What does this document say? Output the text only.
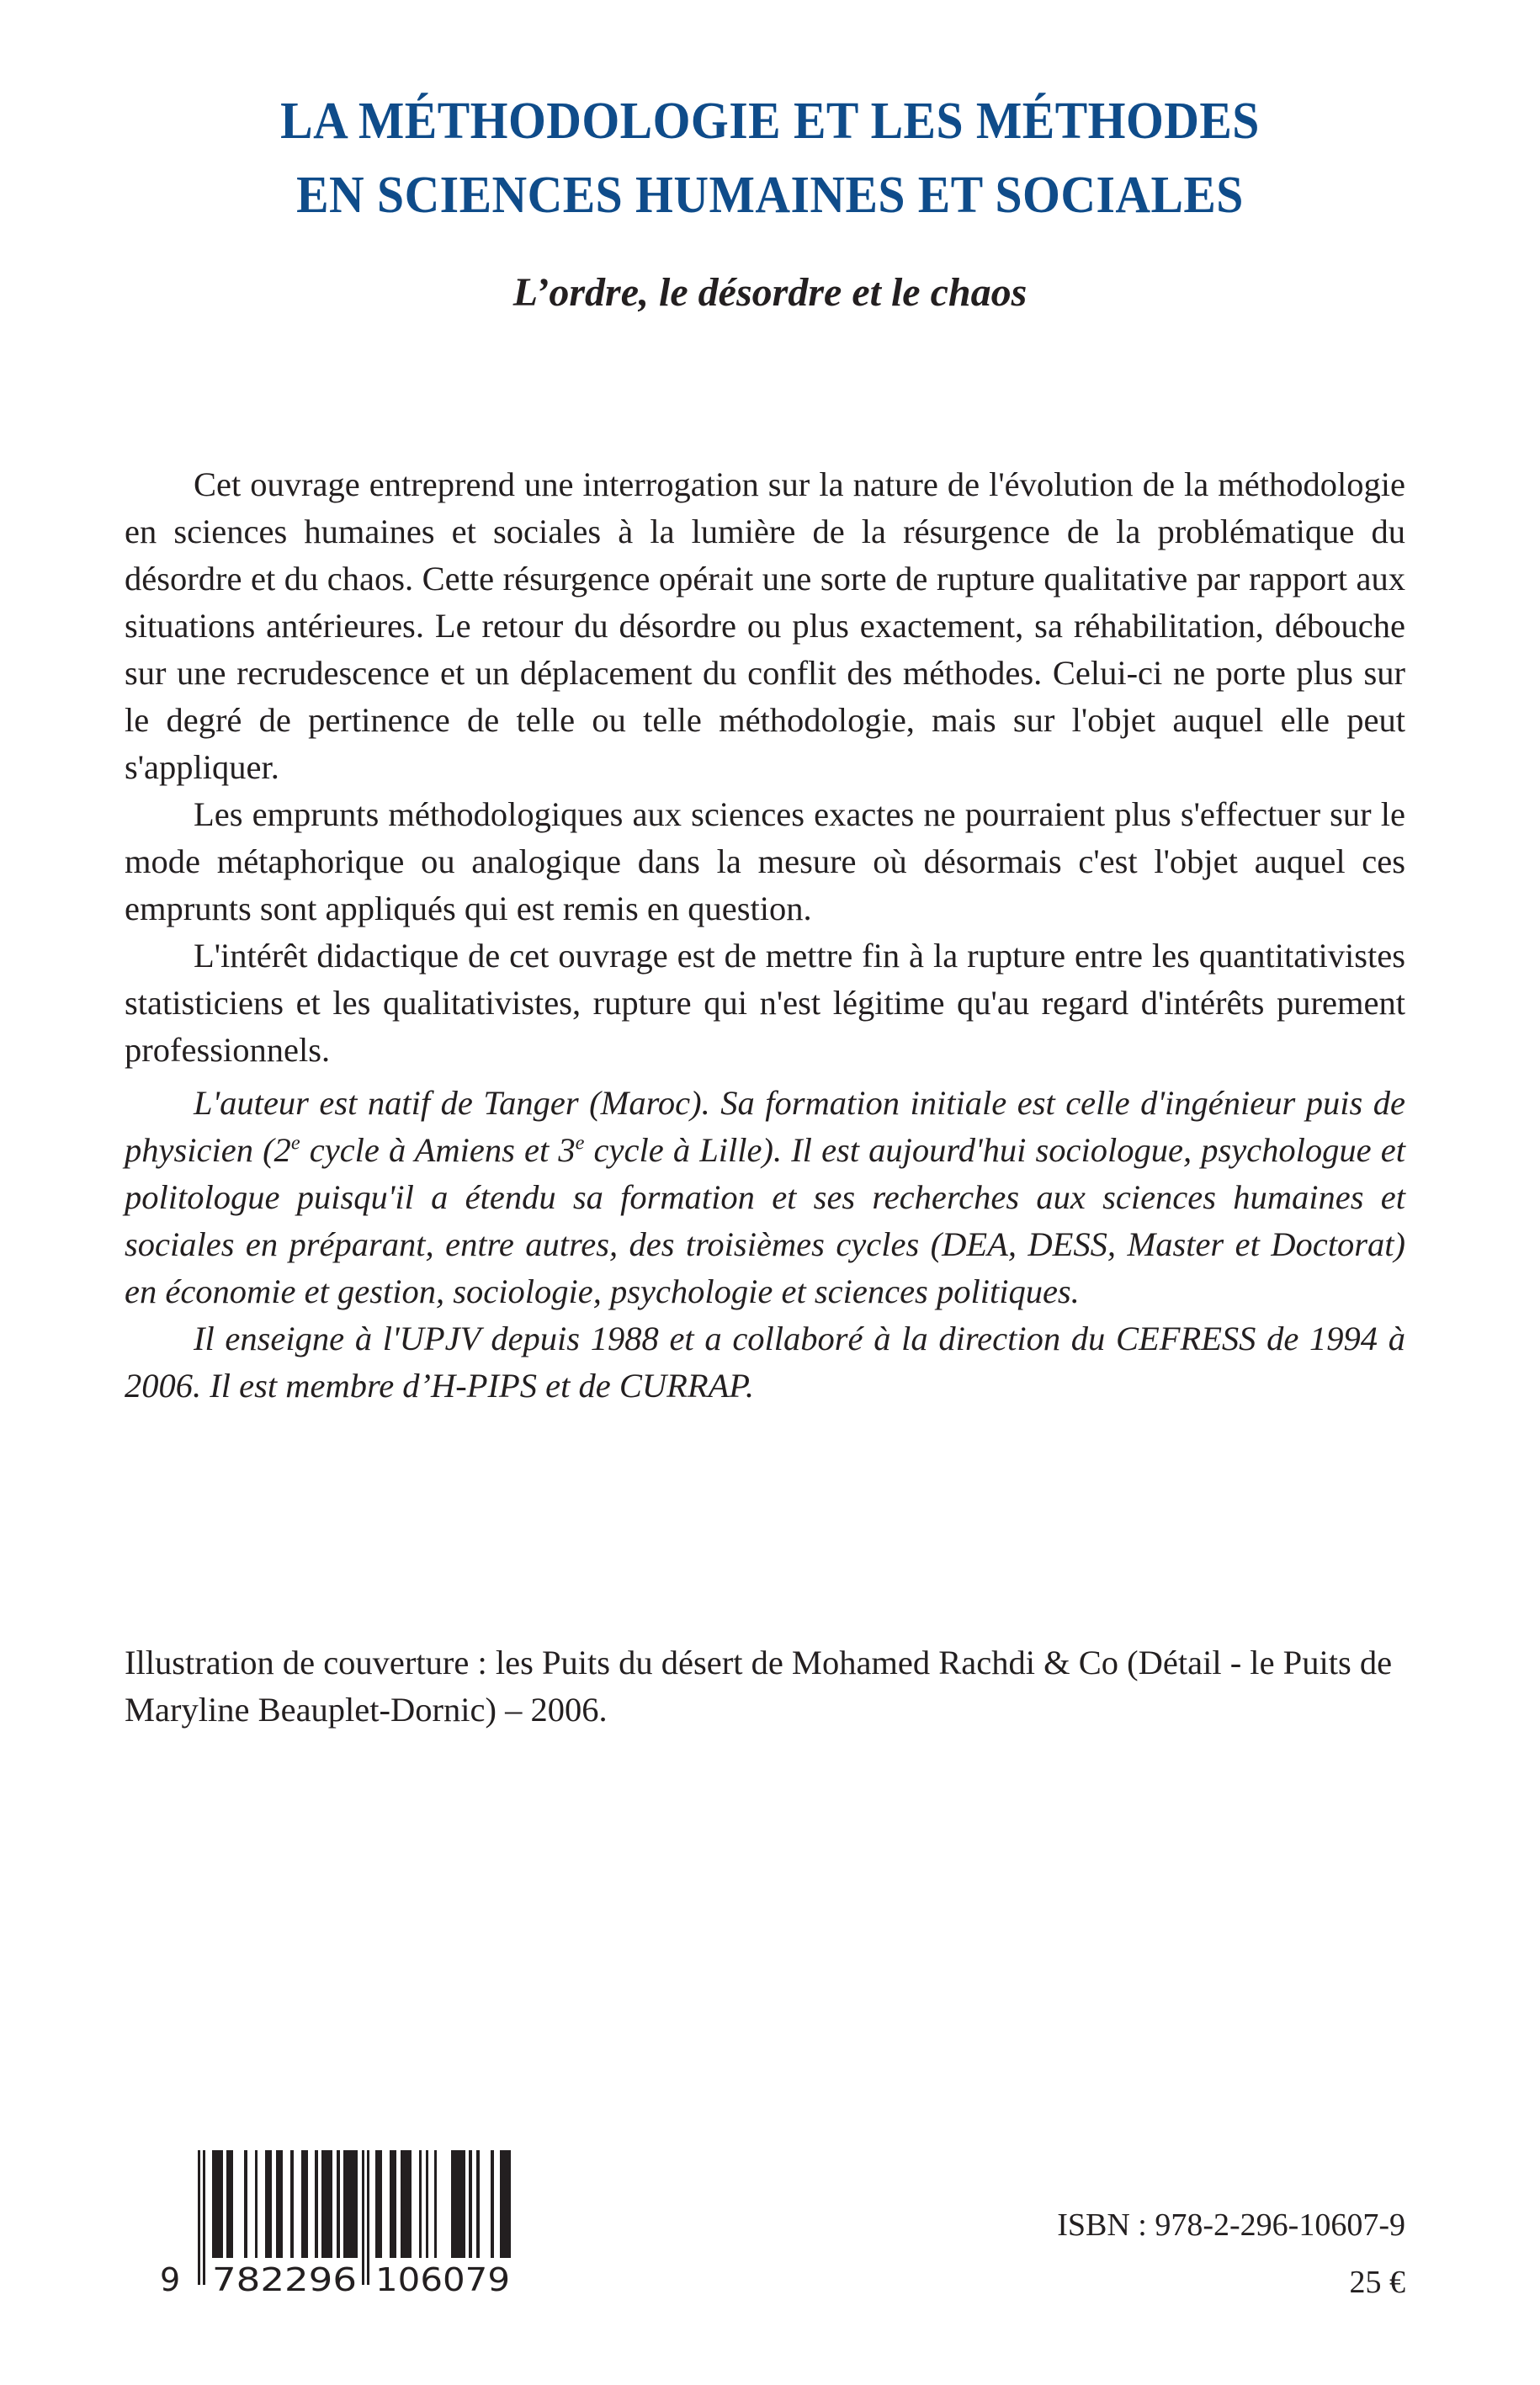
LA MÉTHODOLOGIE ET LES MÉTHODES
EN SCIENCES HUMAINES ET SOCIALES
L’ordre, le désordre et le chaos

Cet ouvrage entreprend une interrogation sur la nature de l'évolution de la méthodologie en sciences humaines et sociales à la lumière de la résurgence de la problématique du désordre et du chaos. Cette résurgence opérait une sorte de rupture qualitative par rapport aux situations antérieures. Le retour du désordre ou plus exactement, sa réhabilitation, débouche sur une recrudescence et un déplacement du conflit des méthodes. Celui-ci ne porte plus sur le degré de pertinence de telle ou telle méthodologie, mais sur l'objet auquel elle peut s'appliquer.

Les emprunts méthodologiques aux sciences exactes ne pourraient plus s'effectuer sur le mode métaphorique ou analogique dans la mesure où désormais c'est l'objet auquel ces emprunts sont appliqués qui est remis en question.

L'intérêt didactique de cet ouvrage est de mettre fin à la rupture entre les quantitativistes statisticiens et les qualitativistes, rupture qui n'est légitime qu'au regard d'intérêts purement professionnels.

L'auteur est natif de Tanger (Maroc). Sa formation initiale est celle d'ingénieur puis de physicien (2e cycle à Amiens et 3e cycle à Lille). Il est aujourd'hui sociologue, psychologue et politologue puisqu'il a étendu sa formation et ses recherches aux sciences humaines et sociales en préparant, entre autres, des troisièmes cycles (DEA, DESS, Master et Doctorat) en économie et gestion, sociologie, psychologie et sciences politiques.

Il enseigne à l'UPJV depuis 1988 et a collaboré à la direction du CEFRESS de 1994 à 2006. Il est membre d’H-PIPS et de CURRAP.

Illustration de couverture : les Puits du désert de Mohamed Rachdi & Co (Détail - le Puits de Maryline Beauplet-Dornic) – 2006.

9 782296 106079
ISBN : 978-2-296-10607-9
25 €
